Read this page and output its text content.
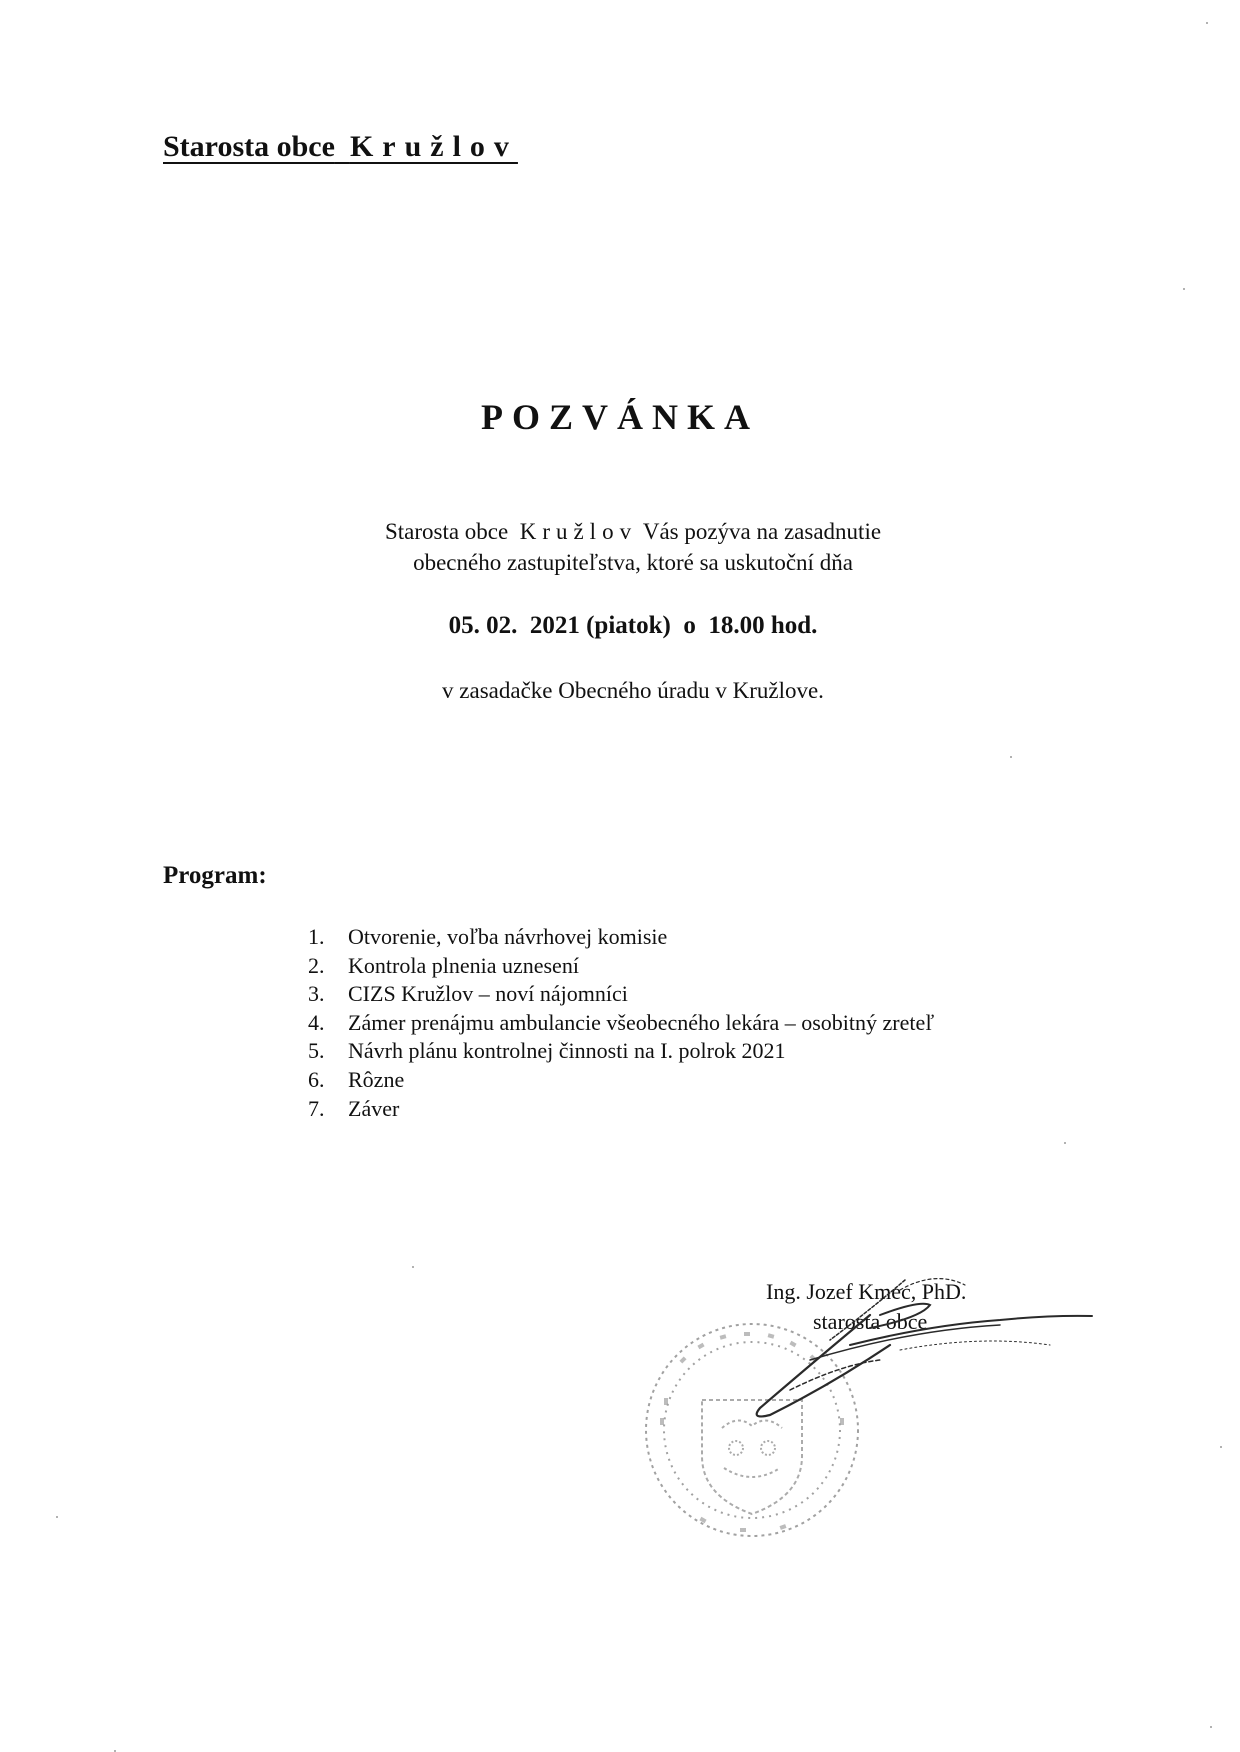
Starosta obce Kružlov
POZVÁNKA
Starosta obce Kružlov Vás pozýva na zasadnutie
obecného zastupiteľstva, ktoré sa uskutoční dňa
05. 02.  2021 (piatok)  o  18.00 hod.
v zasadačke Obecného úradu v Kružlove.
Program:
1.	Otvorenie, voľba návrhovej komisie
2.	Kontrola plnenia uznesení
3.	CIZS Kružlov – noví nájomníci
4.	Zámer prenájmu ambulancie všeobecného lekára – osobitný zreteľ
5.	Návrh plánu kontrolnej činnosti na I. polrok 2021
6.	Rôzne
7.	Záver
Ing. Jozef Kmec, PhD.
starosta obce
